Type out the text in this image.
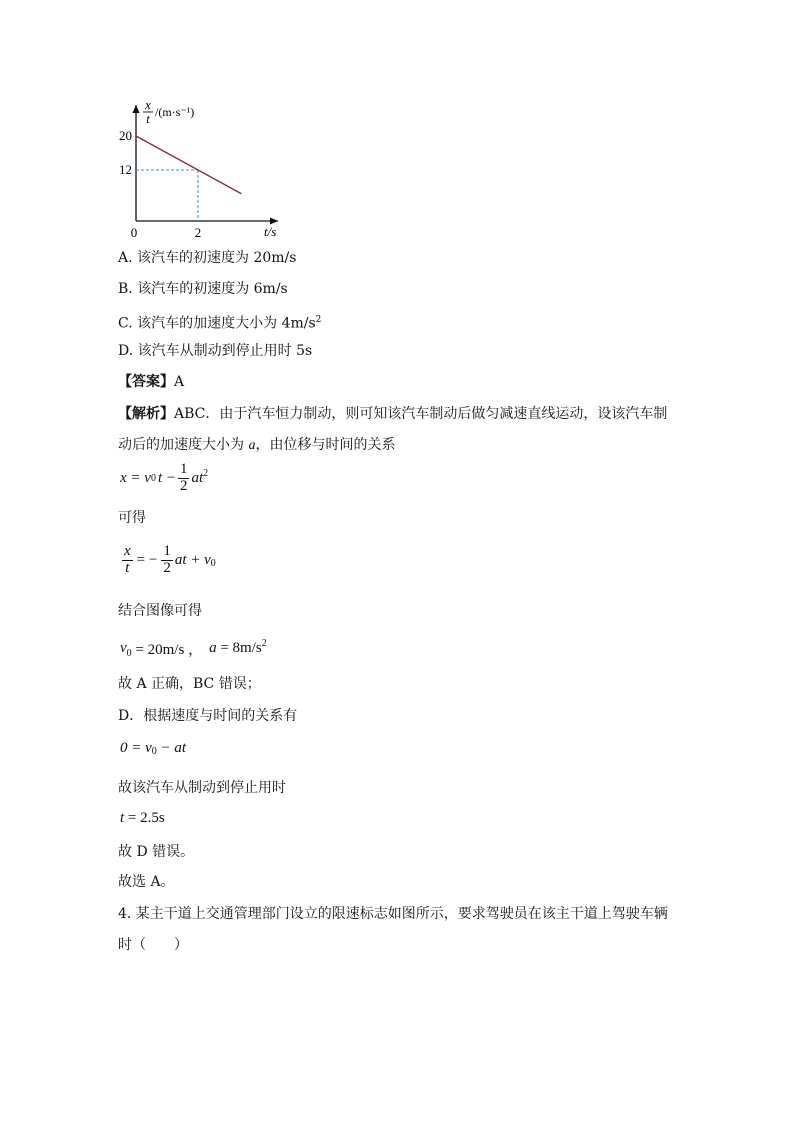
20
12
2
x
t /(m·s⁻¹)
t/s
0
A. 该汽车的初速度为 20m/s
B. 该汽车的初速度为 6m/s
C. 该汽车的加速度大小为 $4m/s^2$
D. 该汽车从制动到停止用时 5s
【答案】A
【解析】ABC．由于汽车恒力制动，则可知该汽车制动后做匀减速直线运动，设该汽车制
动后的加速度大小为 a，由位移与时间的关系
x = v 0 $t - \frac{1}{2} at^2$
可得
$\frac{x}{t}$ = − $\frac{1}{2}$ at + v 0
结合图像可得
$v_0 = 20m/s$ ， $a = 8m/s^2$
故 A 正确，BC 错误；
D．根据速度与时间的关系有
$0 = v_0$ − at
故该汽车从制动到停止用时
t = 2.5s
故 D 错误。
故选 A。
4. 某主干道上交通管理部门设立的限速标志如图所示，要求驾驶员在该主干道上驾驶车辆
时（　　）
